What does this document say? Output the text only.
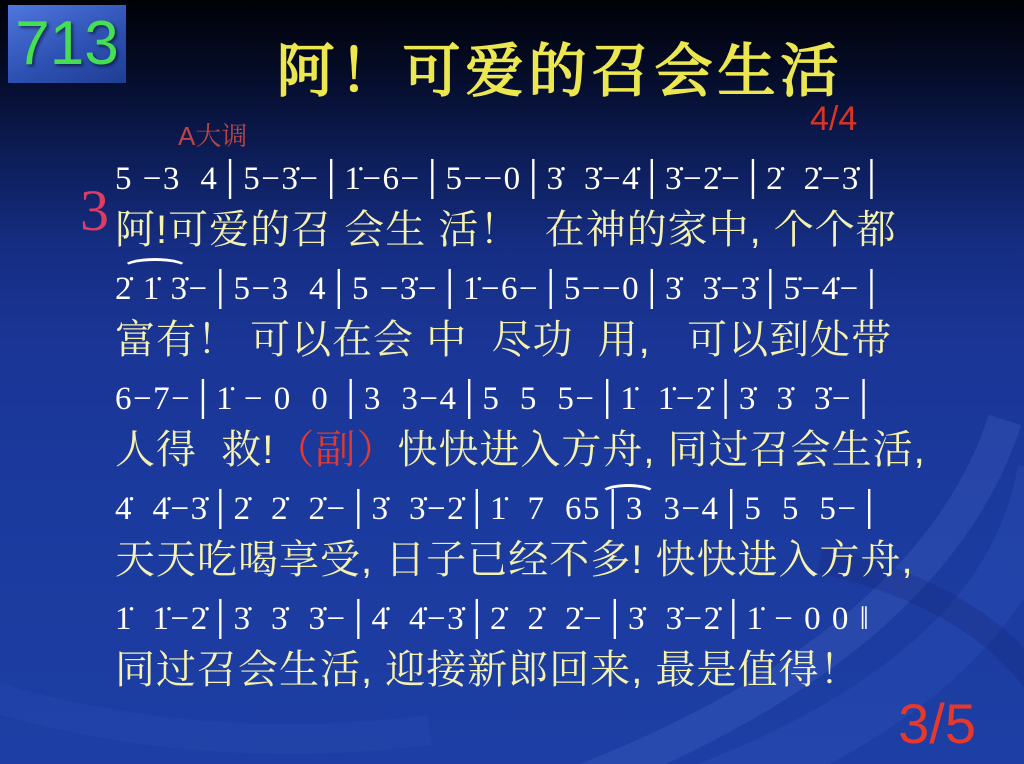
713	阿！可爱的召会生活
A大调	4/4
3 5 −3  4│5−3̇−│1̇−6−│5−−0│3̇  3̇−4̇│3̇−2̇−│2̇  2̇−3̇│
阿!可爱的召 会生 活！  在神的家中, 个个都
2̇ 1̇ 3̇−│5−3  4│5 −3̇−│1̇−6−│5−−0│3̇  3̇−3̇│5̇−4̇−│
富有！ 可以在会 中  尽功  用,   可以到处带
6−7−│1̇ − 0  0 │3  3−4│5  5  5−│1̇  1̇−2̇│3̇  3̇  3̇−│
人得  救!（副）快快进入方舟, 同过召会生活,
4̇  4̇−3̇│2̇  2̇  2̇−│3̇  3̇−2̇│1̇  7  65│3  3−4│5  5  5−│
天天吃喝享受, 日子已经不多! 快快进入方舟,
1̇  1̇−2̇│3̇  3̇  3̇−│4̇  4̇−3̇│2̇  2̇  2̇−│3̇  3̇−2̇│1̇ − 0 0 ‖
同过召会生活, 迎接新郎回来, 最是值得！
3/5
